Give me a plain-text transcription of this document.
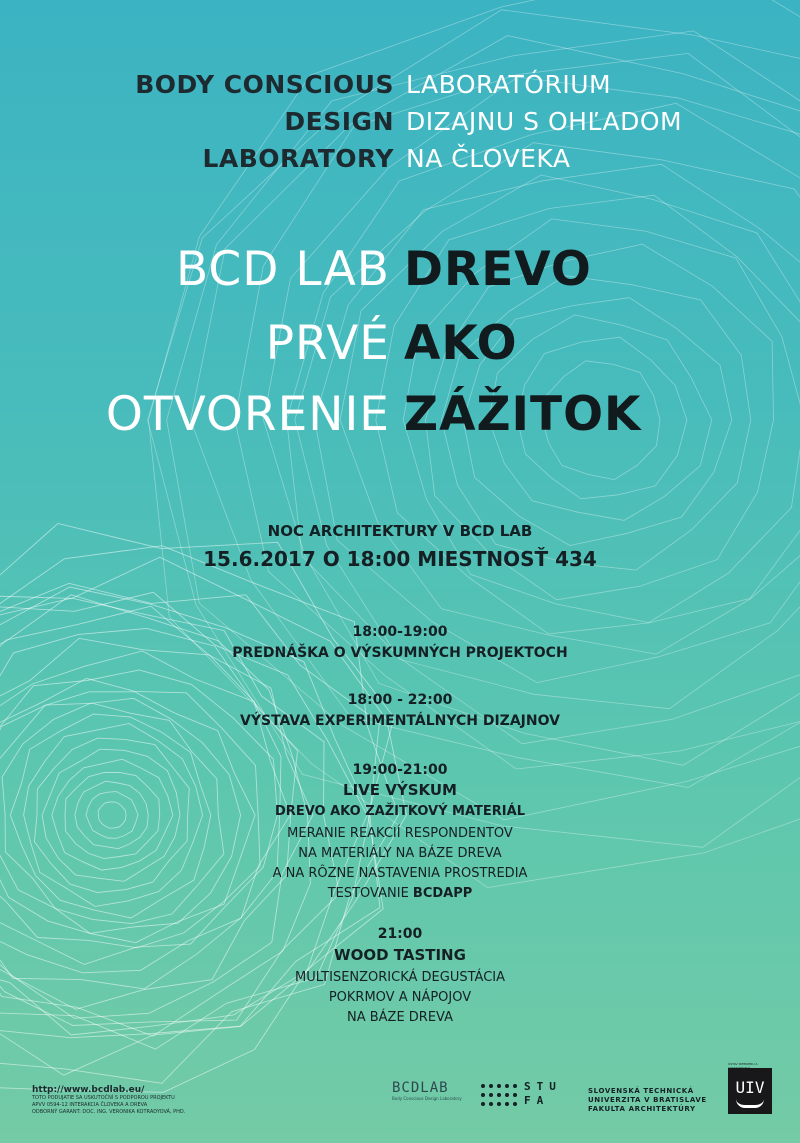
BODY CONSCIOUS LABORATÓRIUM
DESIGN DIZAJNU S OHĽADOM
LABORATORY NA ČLOVEKA
BCD LAB DREVO
PRVÉ AKO
OTVORENIE ZÁŽITOK
NOC ARCHITEKTURY V BCD LAB
15.6.2017 O 18:00 MIESTNOSŤ 434
18:00-19:00
PREDNÁŠKA O VÝSKUMNÝCH PROJEKTOCH
18:00 - 22:00
VÝSTAVA EXPERIMENTÁLNYCH DIZAJNOV
19:00-21:00
LIVE VÝSKUM
DREVO AKO ZAŽITKOVÝ MATERIÁL
MERANIE REAKCIÍ RESPONDENTOV
NA MATERIÁLY NA BÁZE DREVA
A NA RÔZNE NASTAVENIA PROSTREDIA
TESTOVANIE BCDAPP
21:00
WOOD TASTING
MULTISENZORICKÁ DEGUSTÁCIA
POKRMOV A NÁPOJOV
NA BÁZE DREVA
http://www.bcdlab.eu/
TOTO PODUJATIE SA USKUTOČNÍ S PODPOROU PROJEKTU
APVV 0594-12 INTERAKCIA ČLOVEKA A DREVA
ODBORNÝ GARANT: DOC. ING. VERONIKA KOTRADYOVÁ, PHD.
BCDLAB
Body Conscious Design Laboratory
STU
FA
SLOVENSKÁ TECHNICKÁ
UNIVERZITA V BRATISLAVE
FAKULTA ARCHITEKTÚRY
ÚSTAV INTERIÉRU A VÝSTAVNÍCTVA
UIV
